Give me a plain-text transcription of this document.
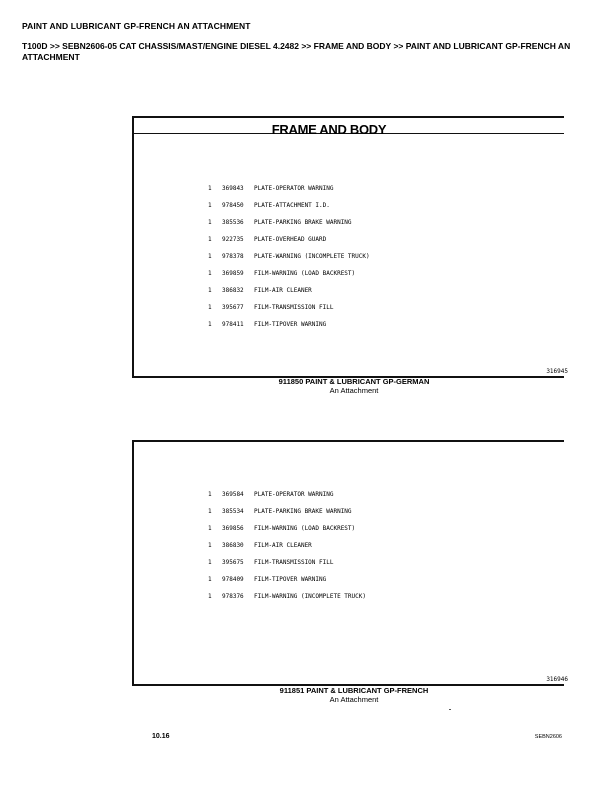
PAINT AND LUBRICANT GP-FRENCH AN ATTACHMENT
T100D >> SEBN2606-05 CAT CHASSIS/MAST/ENGINE DIESEL 4.2482 >> FRAME AND BODY >> PAINT AND LUBRICANT GP-FRENCH AN ATTACHMENT
FRAME AND BODY
1 369843 PLATE-OPERATOR WARNING
1 978450 PLATE-ATTACHMENT I.D.
1 385536 PLATE-PARKING BRAKE WARNING
1 922735 PLATE-OVERHEAD GUARD
1 978378 PLATE-WARNING (INCOMPLETE TRUCK)
1 369859 FILM-WARNING (LOAD BACKREST)
1 386832 FILM-AIR CLEANER
1 395677 FILM-TRANSMISSION FILL
1 978411 FILM-TIPOVER WARNING
316945
911850 PAINT & LUBRICANT GP-GERMAN
An Attachment
1 369584 PLATE-OPERATOR WARNING
1 385534 PLATE-PARKING BRAKE WARNING
1 369856 FILM-WARNING (LOAD BACKREST)
1 386830 FILM-AIR CLEANER
1 395675 FILM-TRANSMISSION FILL
1 978409 FILM-TIPOVER WARNING
1 978376 FILM-WARNING (INCOMPLETE TRUCK)
316946
911851 PAINT & LUBRICANT GP-FRENCH
An Attachment
10.16	SEBN2606
